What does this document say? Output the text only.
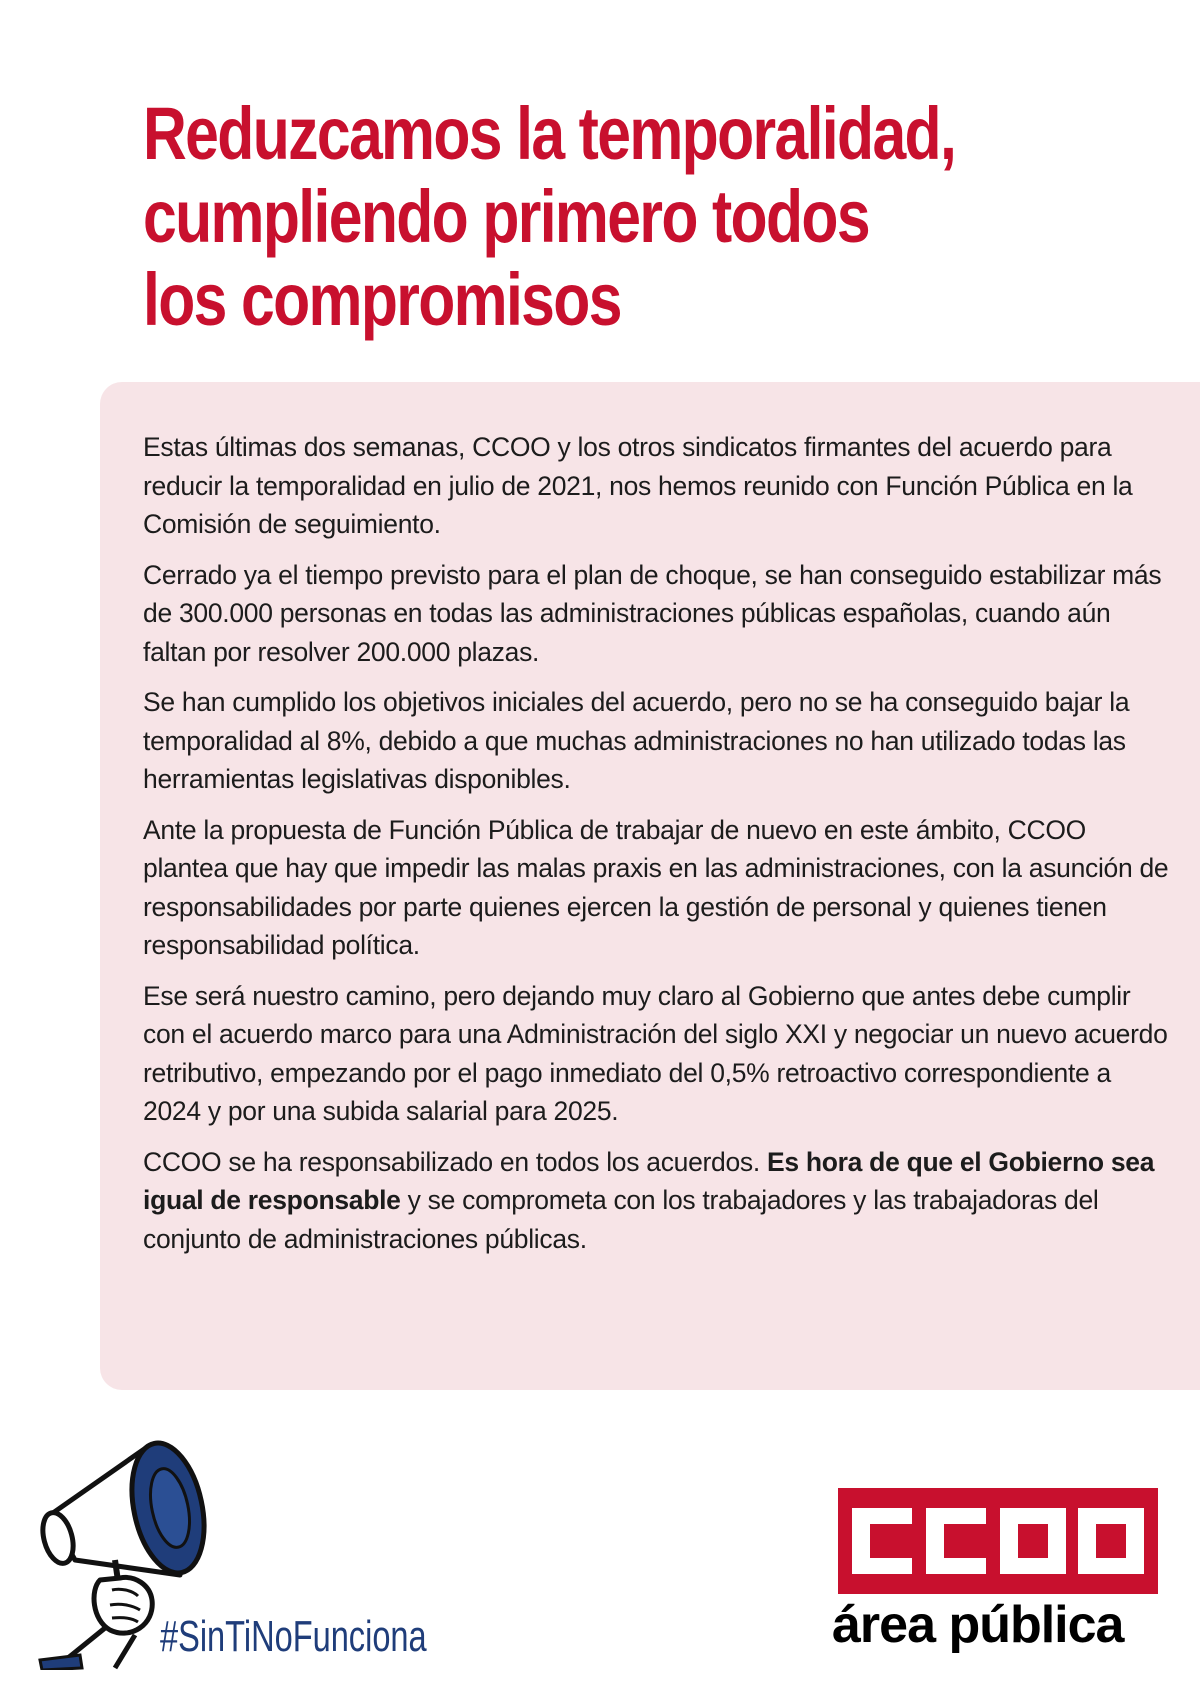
Reduzcamos la temporalidad,
cumpliendo primero todos
los compromisos

Estas últimas dos semanas, CCOO y los otros sindicatos firmantes del acuerdo para reducir la temporalidad en julio de 2021, nos hemos reunido con Función Pública en la Comisión de seguimiento.

Cerrado ya el tiempo previsto para el plan de choque, se han conseguido estabilizar más de 300.000 personas en todas las administraciones públicas españolas, cuando aún faltan por resolver 200.000 plazas.

Se han cumplido los objetivos iniciales del acuerdo, pero no se ha conseguido bajar la temporalidad al 8%, debido a que muchas administraciones no han utilizado todas las herramientas legislativas disponibles.

Ante la propuesta de Función Pública de trabajar de nuevo en este ámbito, CCOO plantea que hay que impedir las malas praxis en las administraciones, con la asunción de responsabilidades por parte quienes ejercen la gestión de personal y quienes tienen responsabilidad política.

Ese será nuestro camino, pero dejando muy claro al Gobierno que antes debe cumplir con el acuerdo marco para una Administración del siglo XXI y negociar un nuevo acuerdo retributivo, empezando por el pago inmediato del 0,5% retroactivo correspondiente a 2024 y por una subida salarial para 2025.

CCOO se ha responsabilizado en todos los acuerdos. Es hora de que el Gobierno sea igual de responsable y se comprometa con los trabajadores y las trabajadoras del conjunto de administraciones públicas.

#SinTiNoFunciona	área pública
